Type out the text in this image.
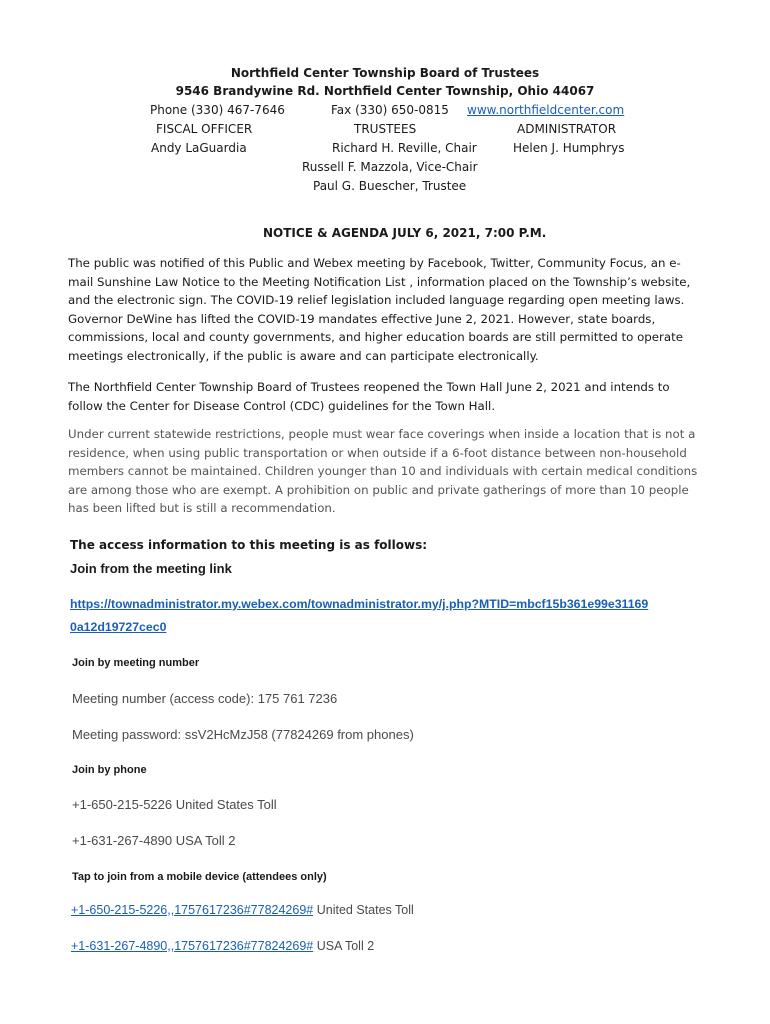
Northfield Center Township Board of Trustees
9546 Brandywine Rd. Northfield Center Township, Ohio 44067
Phone (330) 467-7646	Fax (330) 650-0815 www.northfieldcenter.com
FISCAL OFFICER	TRUSTEES	ADMINISTRATOR
Andy LaGuardia	Richard H. Reville, Chair	Helen J. Humphrys
Russell F. Mazzola, Vice-Chair
Paul G. Buescher, Trustee
NOTICE & AGENDA JULY 6, 2021, 7:00 P.M.
The public was notified of this Public and Webex meeting by Facebook, Twitter, Community Focus, an e-mail Sunshine Law Notice to the Meeting Notification List , information placed on the Township’s website, and the electronic sign. The COVID-19 relief legislation included language regarding open meeting laws. Governor DeWine has lifted the COVID-19 mandates effective June 2, 2021. However, state boards, commissions, local and county governments, and higher education boards are still permitted to operate meetings electronically, if the public is aware and can participate electronically.
The Northfield Center Township Board of Trustees reopened the Town Hall June 2, 2021 and intends to follow the Center for Disease Control (CDC) guidelines for the Town Hall.
Under current statewide restrictions, people must wear face coverings when inside a location that is not a residence, when using public transportation or when outside if a 6-foot distance between non-household members cannot be maintained. Children younger than 10 and individuals with certain medical conditions are among those who are exempt. A prohibition on public and private gatherings of more than 10 people has been lifted but is still a recommendation.
The access information to this meeting is as follows:
Join from the meeting link
https://townadministrator.my.webex.com/townadministrator.my/j.php?MTID=mbcf15b361e99e31169
0a12d19727cec0
Join by meeting number
Meeting number (access code): 175 761 7236
Meeting password: ssV2HcMzJ58 (77824269 from phones)
Join by phone
+1-650-215-5226 United States Toll
+1-631-267-4890 USA Toll 2
Tap to join from a mobile device (attendees only)
+1-650-215-5226,,1757617236#77824269# United States Toll
+1-631-267-4890,,1757617236#77824269# USA Toll 2
